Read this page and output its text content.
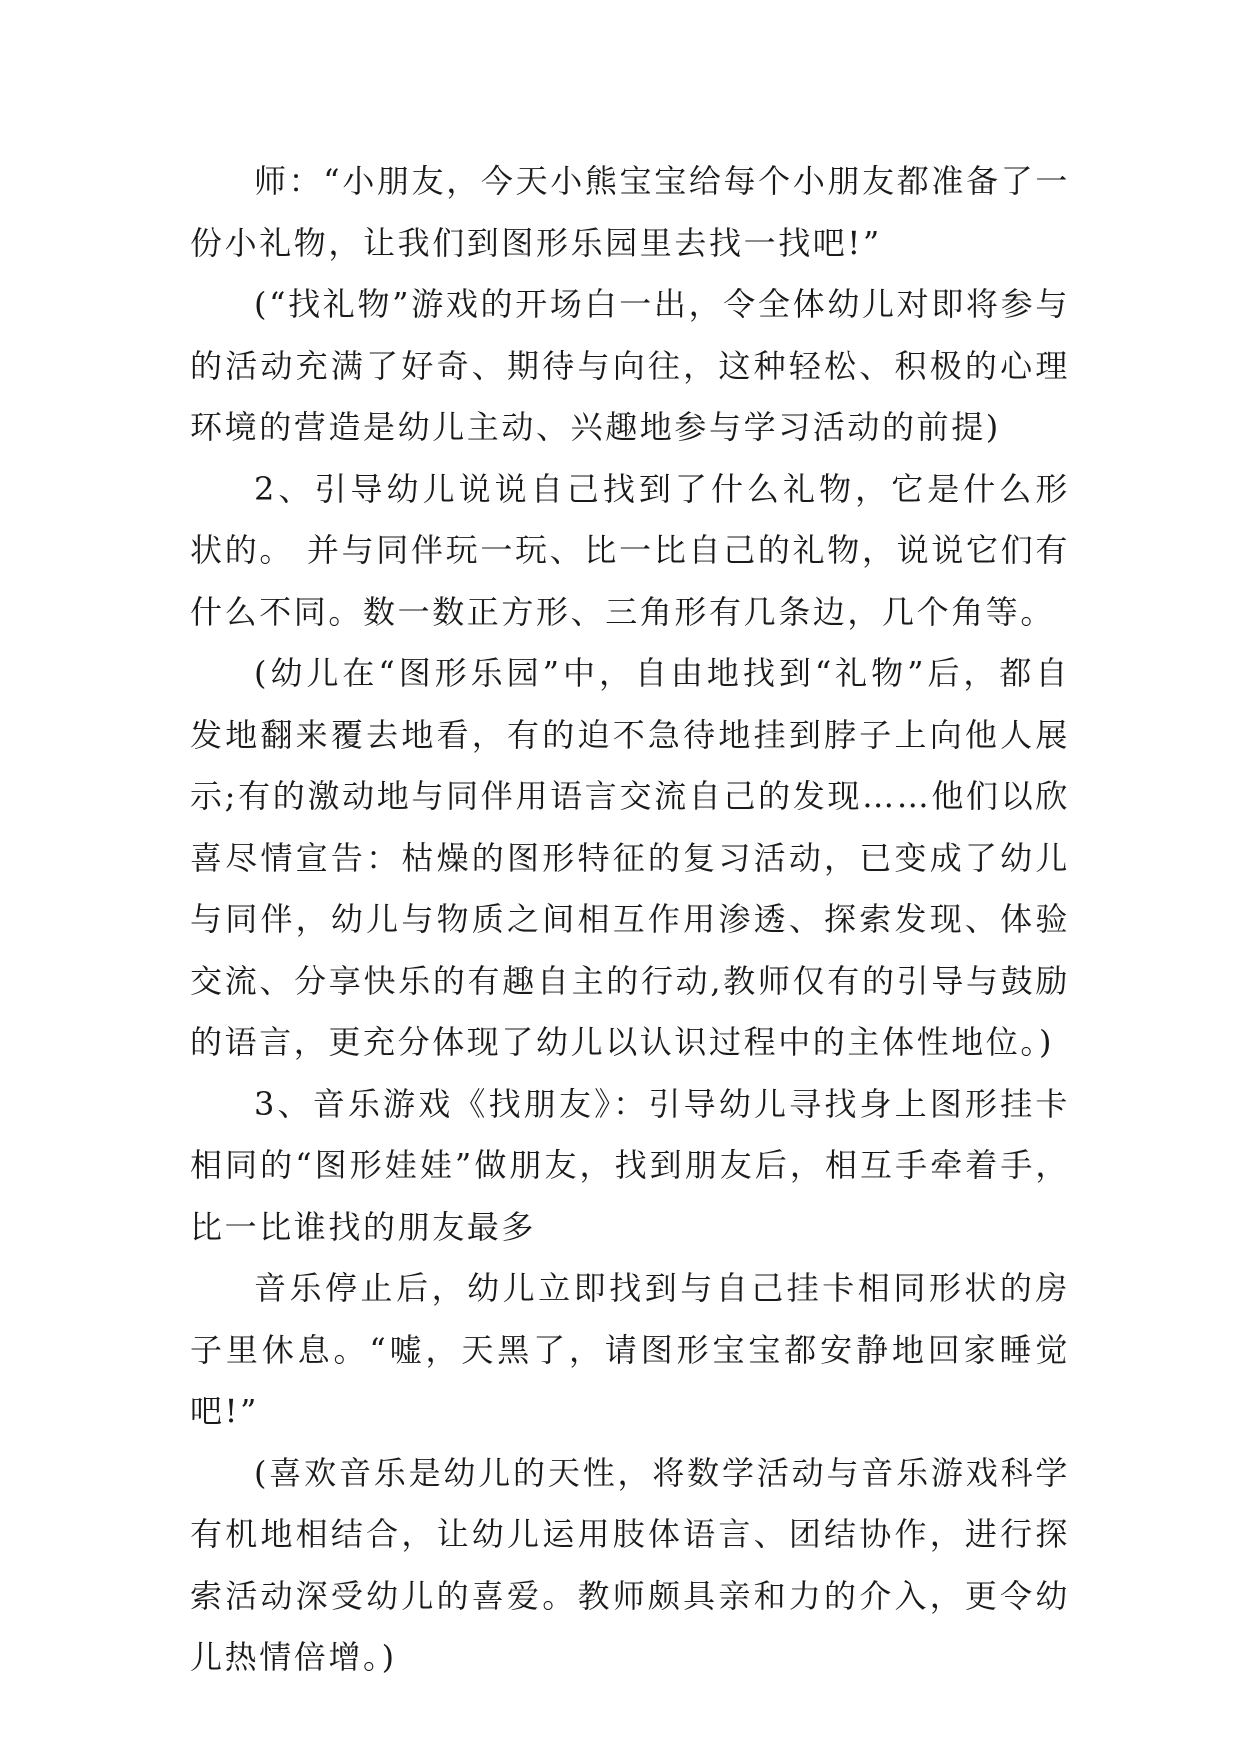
师：“小朋友，今天小熊宝宝给每个小朋友都准备了一份小礼物，让我们到图形乐园里去找一找吧!”

(“找礼物”游戏的开场白一出，令全体幼儿对即将参与的活动充满了好奇、期待与向往，这种轻松、积极的心理环境的营造是幼儿主动、兴趣地参与学习活动的前提)

2、引导幼儿说说自己找到了什么礼物，它是什么形状的。 并与同伴玩一玩、比一比自己的礼物，说说它们有什么不同。数一数正方形、三角形有几条边，几个角等。

(幼儿在“图形乐园”中，自由地找到“礼物”后，都自发地翻来覆去地看，有的迫不急待地挂到脖子上向他人展示;有的激动地与同伴用语言交流自己的发现……他们以欣喜尽情宣告：枯燥的图形特征的复习活动，已变成了幼儿与同伴，幼儿与物质之间相互作用渗透、探索发现、体验交流、分享快乐的有趣自主的行动,教师仅有的引导与鼓励的语言，更充分体现了幼儿以认识过程中的主体性地位。)

3、音乐游戏《找朋友》：引导幼儿寻找身上图形挂卡相同的“图形娃娃”做朋友，找到朋友后，相互手牵着手，比一比谁找的朋友最多

音乐停止后，幼儿立即找到与自己挂卡相同形状的房子里休息。“嘘，天黑了，请图形宝宝都安静地回家睡觉吧!”

(喜欢音乐是幼儿的天性，将数学活动与音乐游戏科学有机地相结合，让幼儿运用肢体语言、团结协作，进行探索活动深受幼儿的喜爱。教师颇具亲和力的介入，更令幼儿热情倍增。)
